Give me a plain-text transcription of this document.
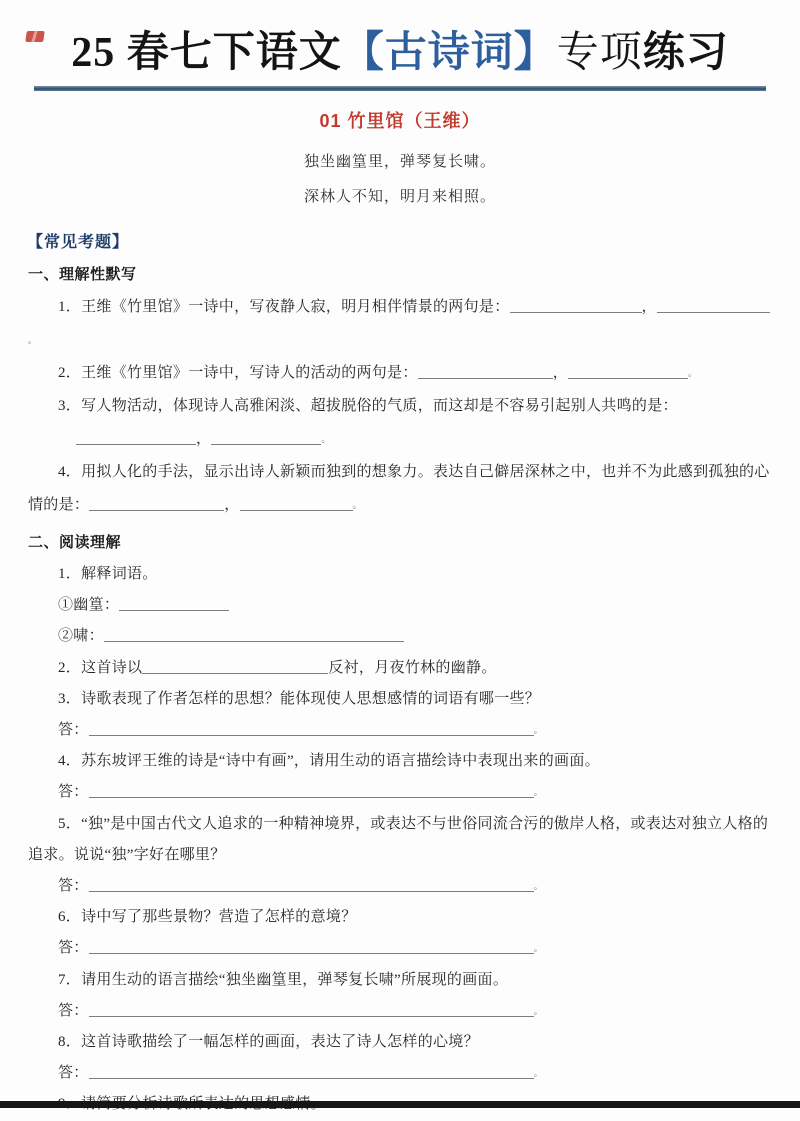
25 春七下语文【古诗词】专项练习
01 竹里馆（王维）

独坐幽篁里，弹琴复长啸。

深林人不知，明月来相照。

【常见考题】

一、理解性默写

1．王维《竹里馆》一诗中，写夜静人寂，明月相伴情景的两句是：	，。

2．王维《竹里馆》一诗中，写诗人的活动的两句是：	，	。

3．写人物活动，体现诗人高雅闲淡、超拔脱俗的气质，而这却是不容易引起别人共鸣的是：

，	。

4．用拟人化的手法，显示出诗人新颖而独到的想象力。表达自己僻居深林之中，也并不为此感到孤独的心情的是：	，	。

二、阅读理解

1．解释词语。

①幽篁：

②啸：

2．这首诗以	反衬，月夜竹林的幽静。

3．诗歌表现了作者怎样的思想？能体现使人思想感情的词语有哪一些？

答：	。

4．苏东坡评王维的诗是“诗中有画”，请用生动的语言描绘诗中表现出来的画面。

答：	。

5．“独”是中国古代文人追求的一种精神境界，或表达不与世俗同流合污的傲岸人格，或表达对独立人格的追求。说说“独”字好在哪里？

答：	。

6．诗中写了那些景物？营造了怎样的意境？

答：	。

7．请用生动的语言描绘“独坐幽篁里，弹琴复长啸”所展现的画面。

答：	。

8．这首诗歌描绘了一幅怎样的画面，表达了诗人怎样的心境？

答：	。
